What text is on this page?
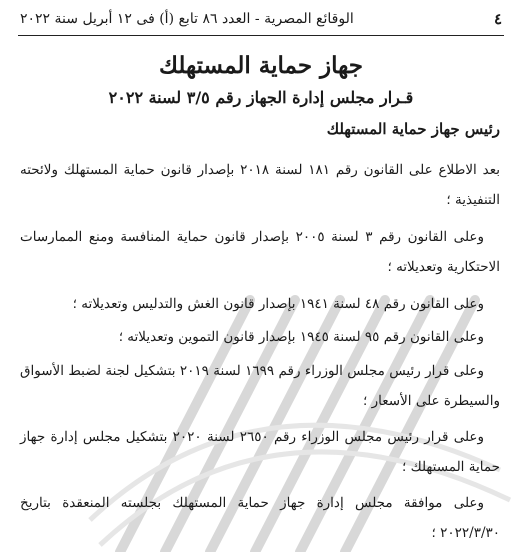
٤
الوقائع المصرية - العدد ٨٦ تابع (أ) فى ١٢ أبريل سنة ٢٠٢٢
جهاز حماية المستهلك
قـرار مجلس إدارة الجهاز رقم ٣/٥ لسنة ٢٠٢٢
رئيس جهاز حماية المستهلك
بعد الاطلاع على القانون رقم ١٨١ لسنة ٢٠١٨ بإصدار قانون حماية المستهلك ولائحته التنفيذية ؛
وعلى القانون رقم ٣ لسنة ٢٠٠٥ بإصدار قانون حماية المنافسة ومنع الممارسات الاحتكارية وتعديلاته ؛
وعلى القانون رقم ٤٨ لسنة ١٩٤١ بإصدار قانون الغش والتدليس وتعديلاته ؛
وعلى القانون رقم ٩٥ لسنة ١٩٤٥ بإصدار قانون التموين وتعديلاته ؛
وعلى قرار رئيس مجلس الوزراء رقم ١٦٩٩ لسنة ٢٠١٩ بتشكيل لجنة لضبط الأسواق والسيطرة على الأسعار ؛
وعلى قرار رئيس مجلس الوزراء رقم ٢٦٥٠ لسنة ٢٠٢٠ بتشكيل مجلس إدارة جهاز حماية المستهلك ؛
وعلى موافقة مجلس إدارة جهاز حماية المستهلك بجلسته المنعقدة بتاريخ ٢٠٢٢/٣/٣٠ ؛
